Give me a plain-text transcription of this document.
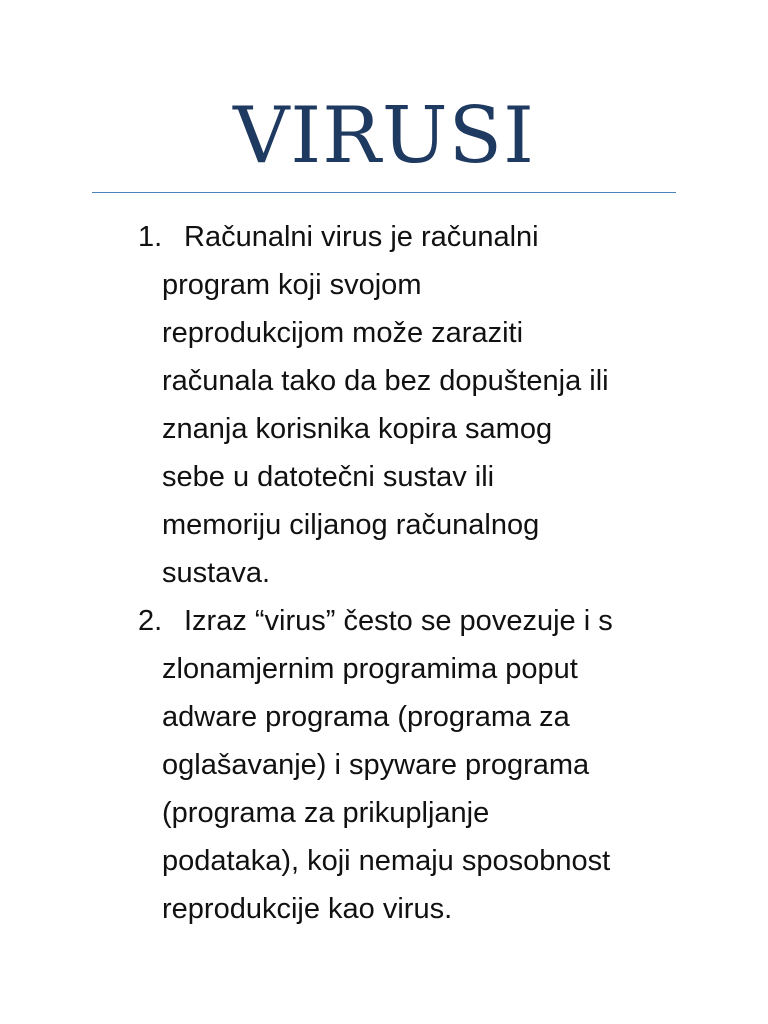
VIRUSI
1. Računalni virus je računalni
program koji svojom
reprodukcijom može zaraziti
računala tako da bez dopuštenja ili
znanja korisnika kopira samog
sebe u datotečni sustav ili
memoriju ciljanog računalnog
sustava.
2. Izraz “virus” često se povezuje i s
zlonamjernim programima poput
adware programa (programa za
oglašavanje) i spyware programa
(programa za prikupljanje
podataka), koji nemaju sposobnost
reprodukcije kao virus.
